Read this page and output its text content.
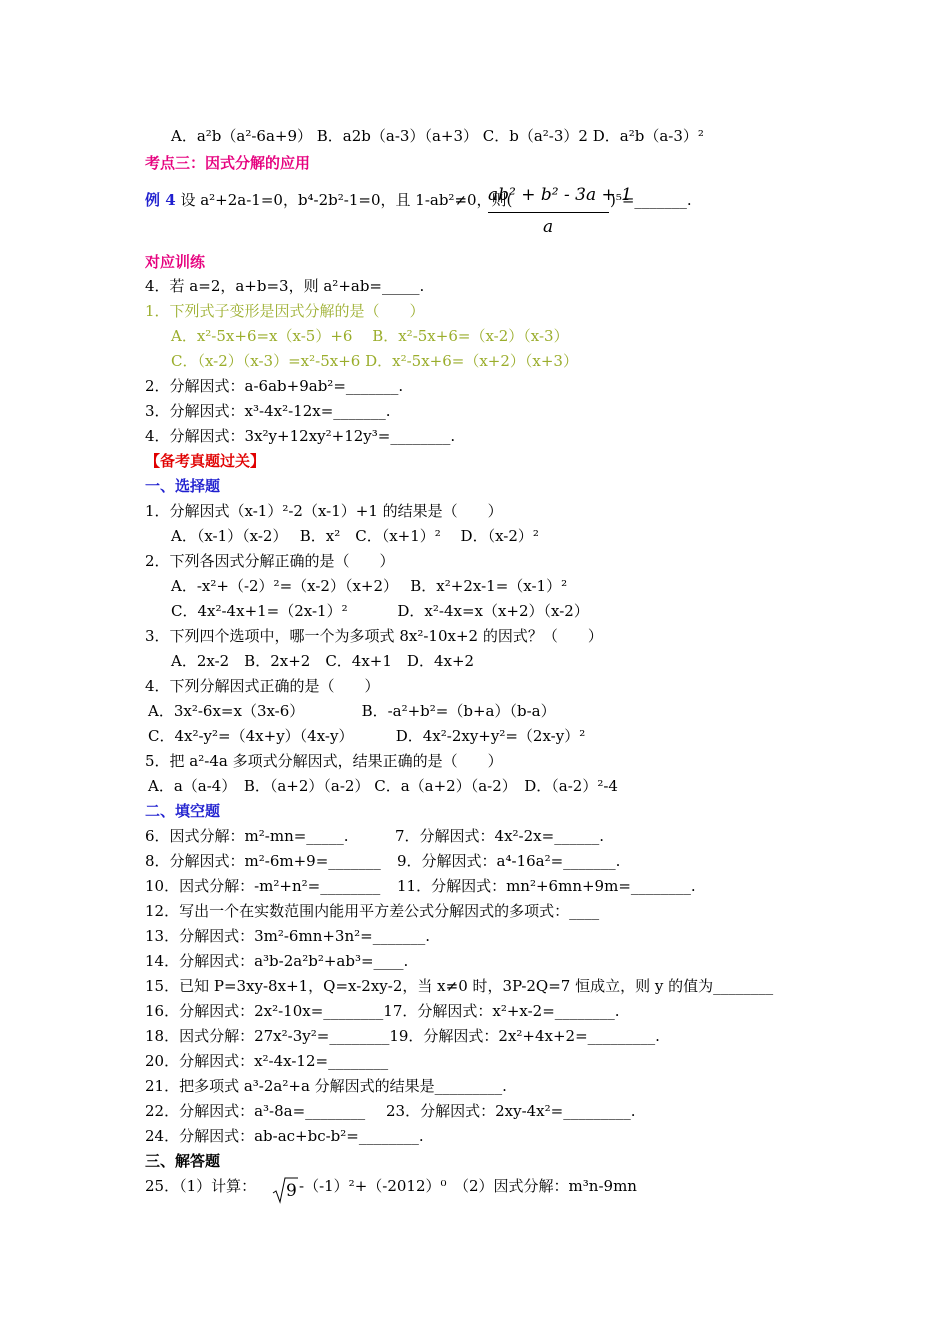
A．a²b（a²-6a+9） B．a2b（a-3）（a+3） C．b（a²-3）2 D．a²b（a-3）²
考点三：因式分解的应用
例 4 设 a²+2a-1=0，b⁴-2b²-1=0，且 1-ab²≠0，则(
ab² + b² - 3a + 1
a
)⁵=_______.
对应训练
4．若 a=2，a+b=3，则 a²+ab=_____.
1．下列式子变形是因式分解的是（　　）
A．x²-5x+6=x（x-5）+6　 B．x²-5x+6=（x-2）（x-3）
C．（x-2）（x-3）=x²-5x+6 D．x²-5x+6=（x+2）（x+3）
2．分解因式：a-6ab+9ab²=_______.
3．分解因式：x³-4x²-12x=_______.
4．分解因式：3x²y+12xy²+12y³=________.
【备考真题过关】
一、选择题
1．分解因式（x-1）²-2（x-1）+1 的结果是（　　）
A．（x-1）（x-2）　 B．x²　C．（x+1）²　 D．（x-2）²
2．下列各因式分解正确的是（　　）
A．-x²+（-2）²=（x-2）（x+2）　 B．x²+2x-1=（x-1）²
C．4x²-4x+1=（2x-1）²　　　 D．x²-4x=x（x+2）（x-2）
3．下列四个选项中，哪一个为多项式 8x²-10x+2 的因式？（　　）
A．2x-2　B．2x+2　C．4x+1　D．4x+2
4．下列分解因式正确的是（　　）
A．3x²-6x=x（3x-6）　　　　 B．-a²+b²=（b+a）（b-a）
C．4x²-y²=（4x+y）（4x-y）　　　 D．4x²-2xy+y²=（2x-y）²
5．把 a²-4a 多项式分解因式，结果正确的是（　　）
A．a（a-4）　B．（a+2）（a-2） C．a（a+2）（a-2）　D．（a-2）²-4
二、填空题
6．因式分解：m²-mn=_____.	7．分解因式：4x²-2x=______.
8．分解因式：m²-6m+9=_______ 9．分解因式：a⁴-16a²=_______.
10．因式分解：-m²+n²=________ 11．分解因式：mn²+6mn+9m=________.
12．写出一个在实数范围内能用平方差公式分解因式的多项式：____
13．分解因式：3m²-6mn+3n²=_______.
14．分解因式：a³b-2a²b²+ab³=____.
15．已知 P=3xy-8x+1，Q=x-2xy-2，当 x≠0 时，3P-2Q=7 恒成立，则 y 的值为________
16．分解因式：2x²-10x=________17．分解因式：x²+x-2=________.
18．因式分解：27x²-3y²=________19．分解因式：2x²+4x+2=_________.
20．分解因式：x²-4x-12=________
21．把多项式 a³-2a²+a 分解因式的结果是_________.
22．分解因式：a³-8a=________ 23．分解因式：2xy-4x²=_________.
24．分解因式：ab-ac+bc-b²=________.
三、解答题
25．（1）计算： 9 -（-1）²+（-2012）⁰　（2）因式分解：m³n-9mn
